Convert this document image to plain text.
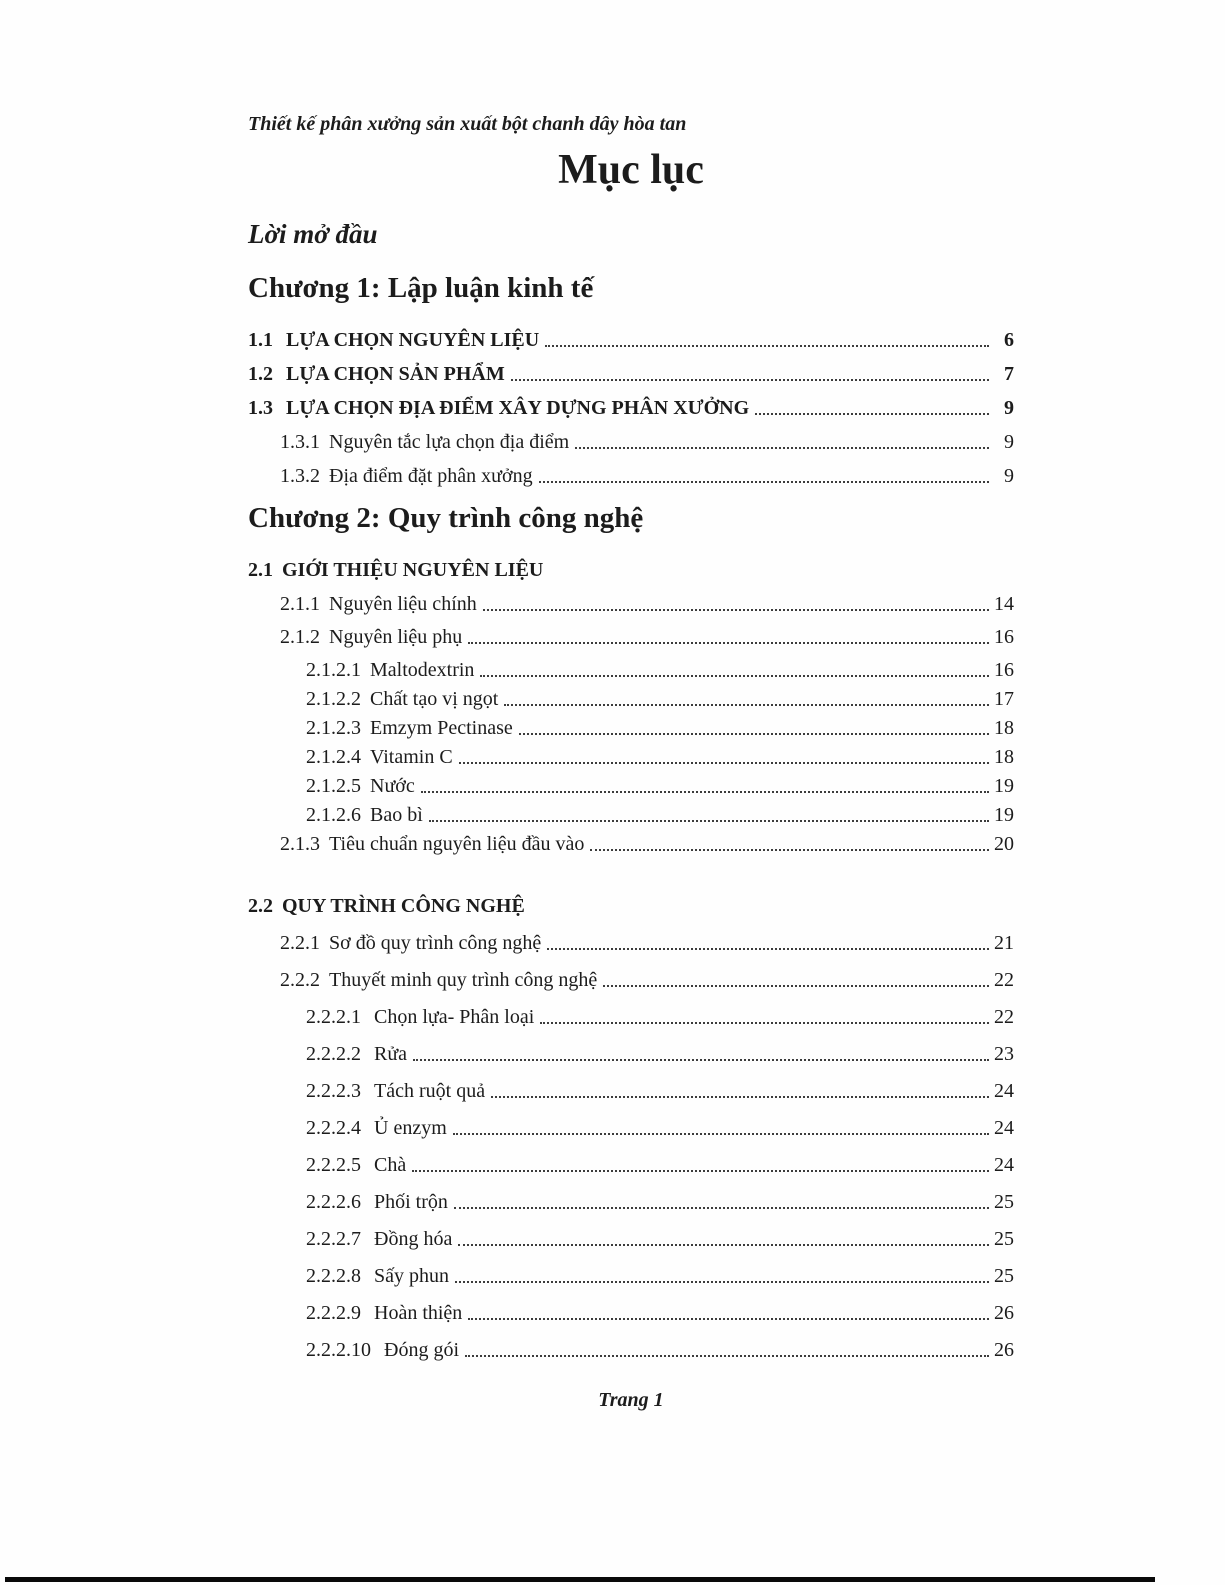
Thiết kế phân xưởng sản xuất bột chanh dây hòa tan
Mục lục
Lời mở đầu
Chương 1: Lập luận kinh tế
1.1 LỰA CHỌN NGUYÊN LIỆU	6
1.2 LỰA CHỌN SẢN PHẨM	7
1.3 LỰA CHỌN ĐỊA ĐIỂM XÂY DỰNG PHÂN XƯỞNG	9
1.3.1 Nguyên tắc lựa chọn địa điểm	9
1.3.2 Địa điểm đặt phân xưởng	9
Chương 2: Quy trình công nghệ
2.1 GIỚI THIỆU NGUYÊN LIỆU
2.1.1 Nguyên liệu chính	14
2.1.2 Nguyên liệu phụ	16
2.1.2.1 Maltodextrin	16
2.1.2.2 Chất tạo vị ngọt	17
2.1.2.3 Emzym Pectinase	18
2.1.2.4 Vitamin C	18
2.1.2.5 Nước	19
2.1.2.6 Bao bì	19
2.1.3 Tiêu chuẩn nguyên liệu đầu vào	20
2.2 QUY TRÌNH CÔNG NGHỆ
2.2.1 Sơ đồ quy trình công nghệ	21
2.2.2 Thuyết minh quy trình công nghệ	22
2.2.2.1 Chọn lựa- Phân loại	22
2.2.2.2 Rửa	23
2.2.2.3 Tách ruột quả	24
2.2.2.4 Ủ enzym	24
2.2.2.5 Chà	24
2.2.2.6 Phối trộn	25
2.2.2.7 Đồng hóa	25
2.2.2.8 Sấy phun	25
2.2.2.9 Hoàn thiện	26
2.2.2.10 Đóng gói	26
Trang 1
